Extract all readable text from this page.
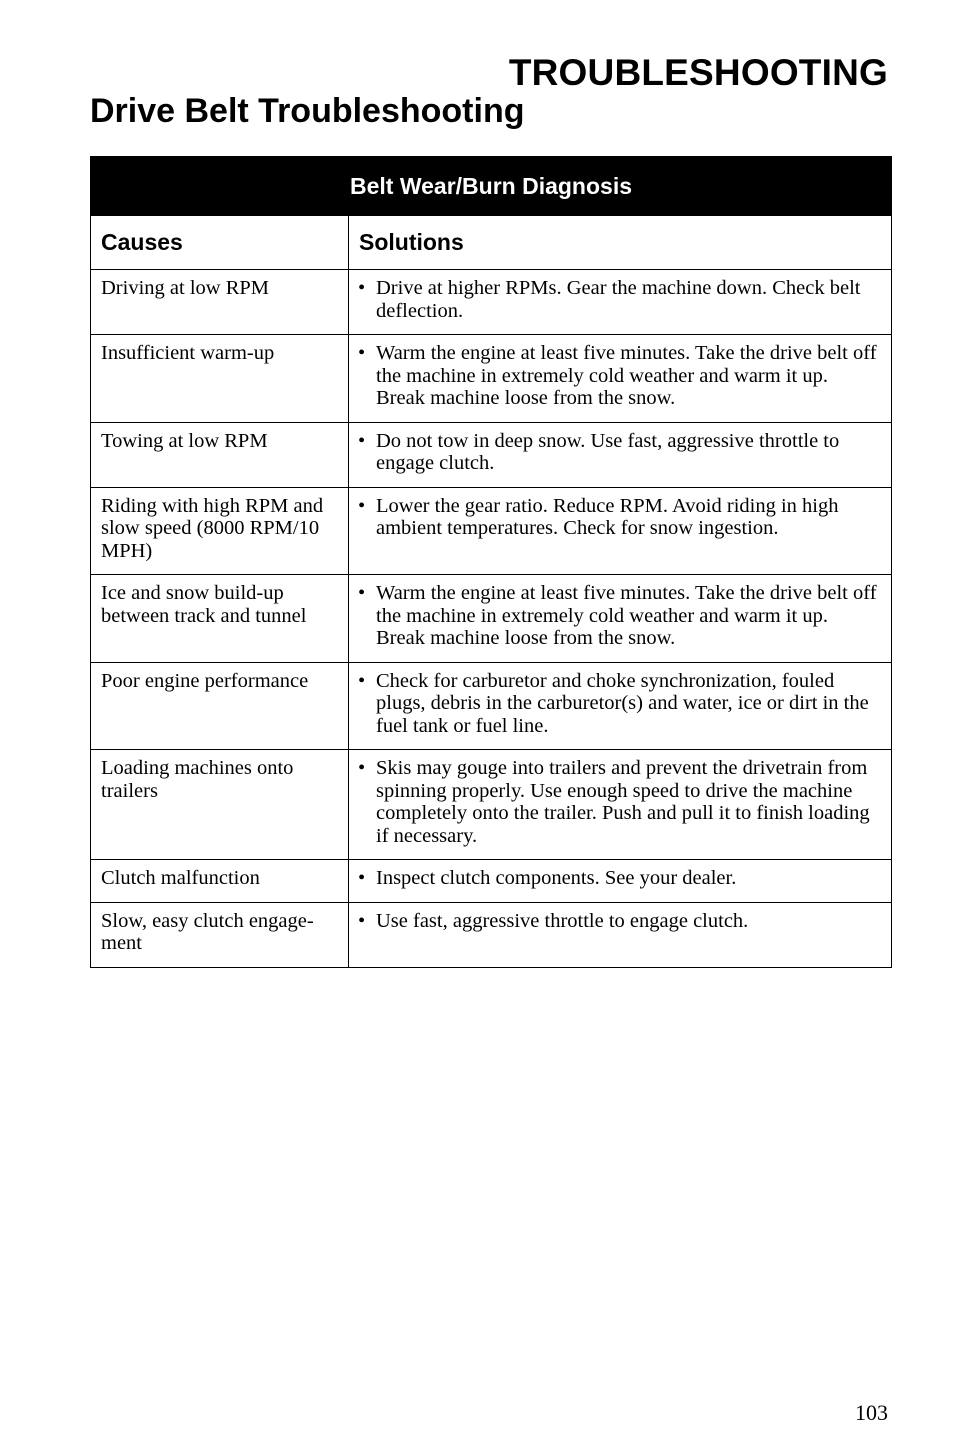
TROUBLESHOOTING
Drive Belt Troubleshooting
Belt Wear/Burn Diagnosis	
Causes	Solutions
Driving at low RPM	• Drive at higher RPMs. Gear the machine down. Check belt deflection.

Insufficient warm-up	• Warm the engine at least five minutes. Take the drive belt off the machine in extremely cold weather and warm it up. Break machine loose from the snow.

Towing at low RPM	• Do not tow in deep snow. Use fast, aggressive throttle to engage clutch.

Riding with high RPM and slow speed (8000 RPM/10 MPH)	• Lower the gear ratio. Reduce RPM. Avoid riding in high ambient temperatures. Check for snow ingestion.

Ice and snow build-up between track and tunnel	• Warm the engine at least five minutes. Take the drive belt off the machine in extremely cold weather and warm it up. Break machine loose from the snow.

Poor engine performance	• Check for carburetor and choke synchronization, fouled plugs, debris in the carburetor(s) and water, ice or dirt in the fuel tank or fuel line.

Loading machines onto trailers	• Skis may gouge into trailers and prevent the drivetrain from spinning properly. Use enough speed to drive the machine completely onto the trailer. Push and pull it to finish loading if necessary.

Clutch malfunction	• Inspect clutch components. See your dealer.

Slow, easy clutch engage-ment	• Use fast, aggressive throttle to engage clutch.
103
